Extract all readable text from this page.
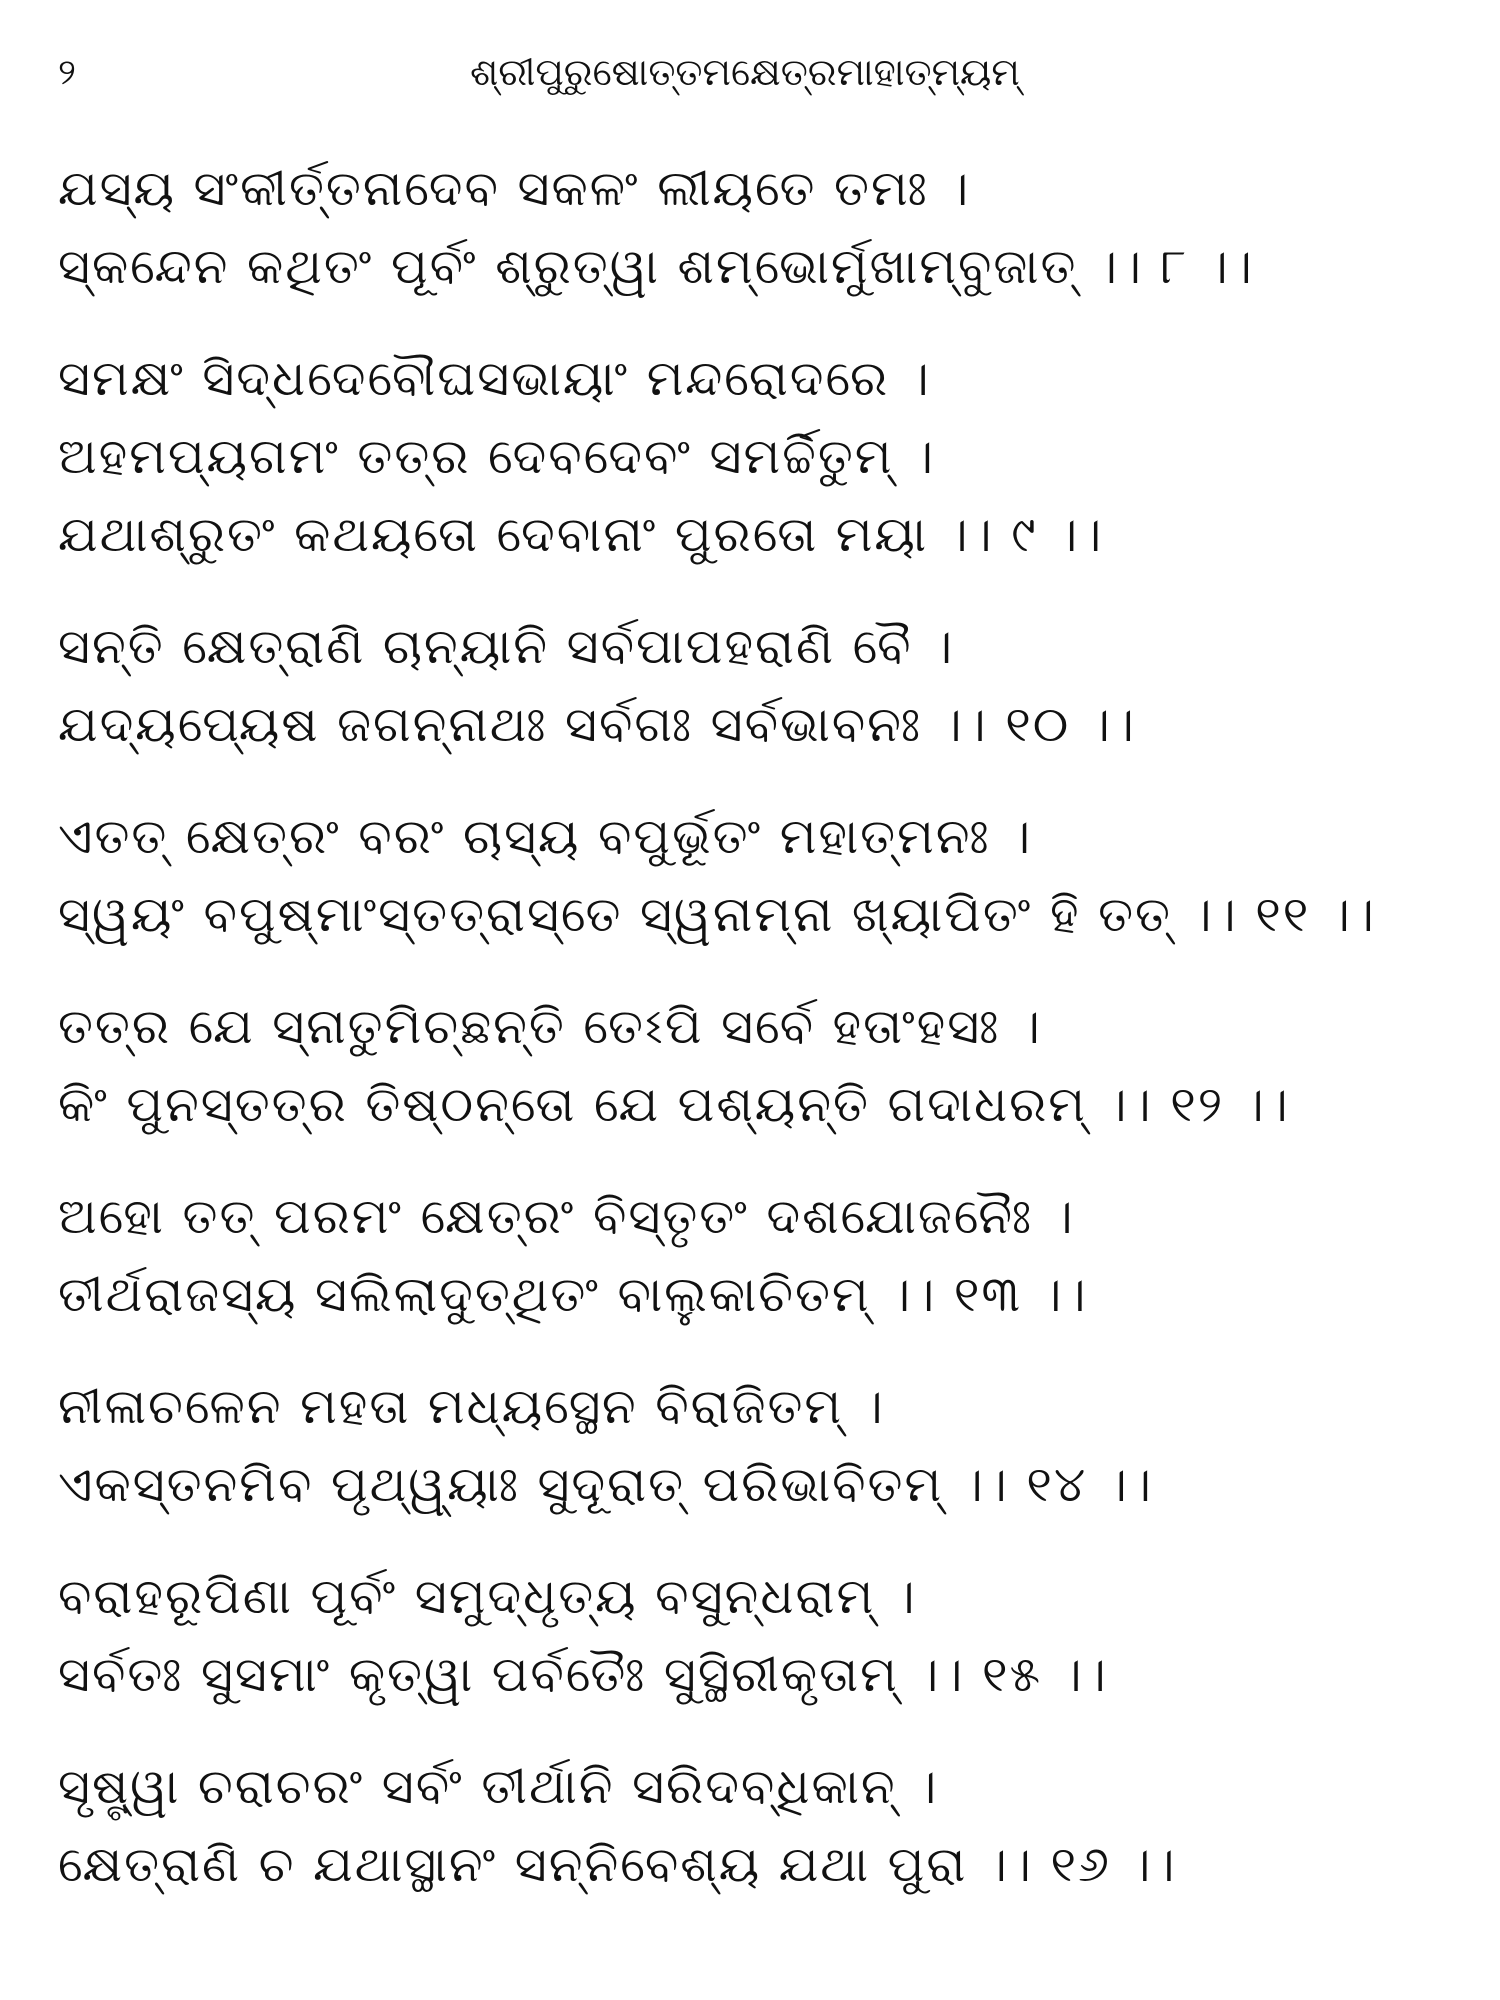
୨	ଶ୍ରୀପୁରୁଷୋତ୍ତମକ୍ଷେତ୍ରମାହାତ୍ମ୍ୟମ୍
ଯସ୍ୟ ସଂକୀର୍ତ୍ତନାଦେବ ସକଳଂ ଲୀୟତେ ତମଃ ।
ସ୍କନ୍ଦେନ କଥିତଂ ପୂର୍ବଂ ଶ୍ରୁତ୍ୱା ଶମ୍ଭୋର୍ମୁଖାମ୍ବୁଜାତ୍ ।। ୮ ।।
ସମକ୍ଷଂ ସିଦ୍ଧଦେବୌଘସଭାୟାଂ ମନ୍ଦରୋଦରେ ।
ଅହମପ୍ୟଗମଂ ତତ୍ର ଦେବଦେବଂ ସମର୍ଚ୍ଚିତୁମ୍ ।
ଯଥାଶ୍ରୁତଂ କଥୟତୋ ଦେବାନାଂ ପୁରତୋ ମୟା ।। ୯ ।।
ସନ୍ତି କ୍ଷେତ୍ରାଣି ଚାନ୍ୟାନି ସର୍ବପାପହରାଣି ବୈ ।
ଯଦ୍ୟପ୍ୟେଷ ଜଗନ୍ନାଥଃ ସର୍ବଗଃ ସର୍ବଭାବନଃ ।। ୧୦ ।।
ଏତତ୍ କ୍ଷେତ୍ରଂ ବରଂ ଚାସ୍ୟ ବପୁର୍ଭୂତଂ ମହାତ୍ମନଃ ।
ସ୍ୱୟଂ ବପୁଷ୍ମାଂସ୍ତତ୍ରାସ୍ତେ ସ୍ୱନାମ୍ନା ଖ୍ୟାପିତଂ ହି ତତ୍ ।। ୧୧ ।।
ତତ୍ର ଯେ ସ୍ନାତୁମିଚ୍ଛନ୍ତି ତେଽପି ସର୍ବେ ହତାଂହସଃ ।
କିଂ ପୁନସ୍ତତ୍ର ତିଷ୍ଠନ୍ତୋ ଯେ ପଶ୍ୟନ୍ତି ଗଦାଧରମ୍ ।। ୧୨ ।।
ଅହୋ ତତ୍ ପରମଂ କ୍ଷେତ୍ରଂ ବିସ୍ତୃତଂ ଦଶଯୋଜନୈଃ ।
ତୀର୍ଥରାଜସ୍ୟ ସଲିଲାଦୁତ୍‌ଥିତଂ ବାଲୁକାଚିତମ୍ ।। ୧୩ ।।
ନୀଳାଚଳେନ ମହତା ମଧ୍ୟସ୍ଥେନ ବିରାଜିତମ୍ ।
ଏକସ୍ତନମିବ ପୃଥ୍ୱ୍ୟାଃ ସୁଦୂରାତ୍ ପରିଭାବିତମ୍ ।। ୧୪ ।।
ବରାହରୂପିଣା ପୂର୍ବଂ ସମୁଦ୍ଧୃତ୍ୟ ବସୁନ୍ଧରାମ୍ ।
ସର୍ବତଃ ସୁସମାଂ କୃତ୍ୱା ପର୍ବତୈଃ ସୁସ୍ଥିରୀକୃତାମ୍ ।। ୧୫ ।।
ସୃଷ୍ଟ୍ୱା ଚରାଚରଂ ସର୍ବଂ ତୀର୍ଥାନି ସରିଦବ୍ଧିକାନ୍ ।
କ୍ଷେତ୍ରାଣି ଚ ଯଥାସ୍ଥାନଂ ସନ୍ନିବେଶ୍ୟ ଯଥା ପୁରା ।। ୧୬ ।।
